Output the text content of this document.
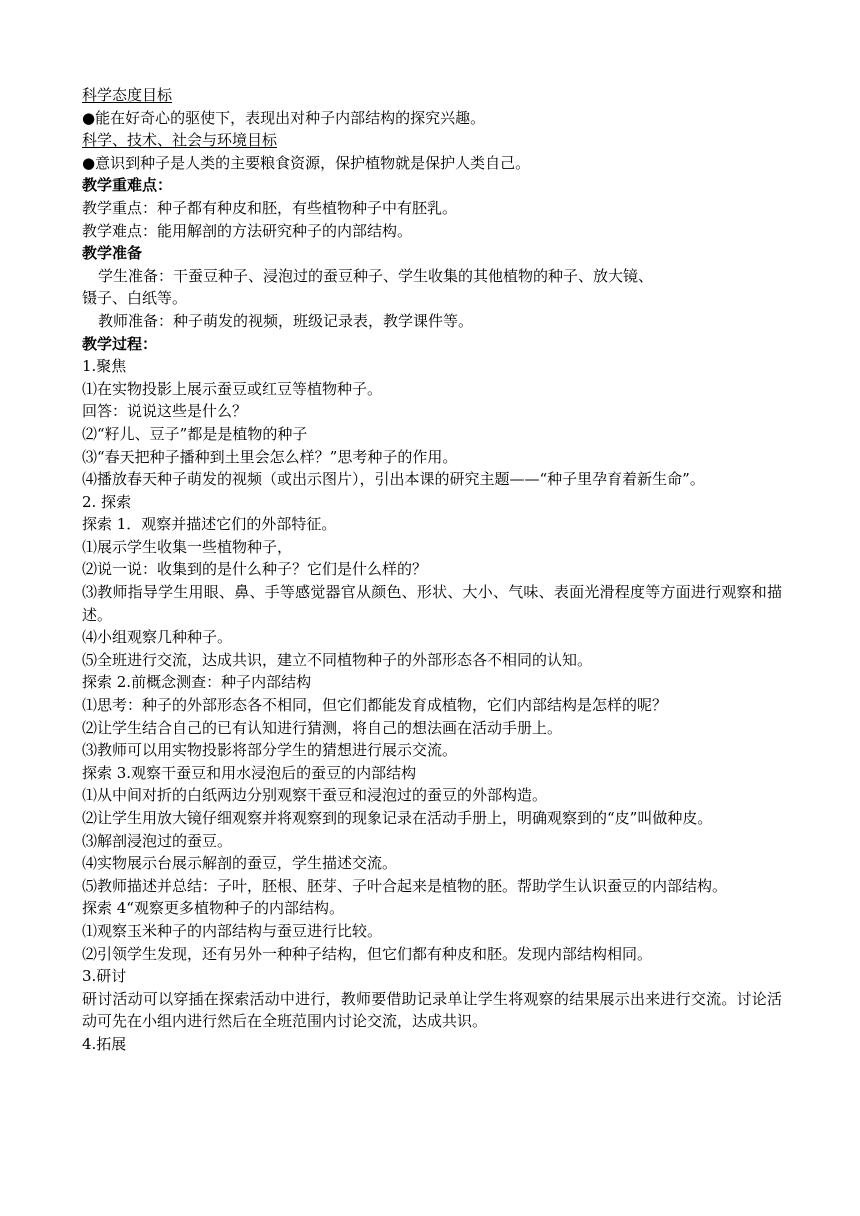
科学态度目标
●能在好奇心的驱使下，表现出对种子内部结构的探究兴趣。
科学、技术、社会与环境目标
●意识到种子是人类的主要粮食资源，保护植物就是保护人类自己。
教学重难点：
教学重点：种子都有种皮和胚，有些植物种子中有胚乳。
教学难点：能用解剖的方法研究种子的内部结构。
教学准备
学生准备：干蚕豆种子、浸泡过的蚕豆种子、学生收集的其他植物的种子、放大镜、
镊子、白纸等。
教师准备：种子萌发的视频，班级记录表，教学课件等。
教学过程：
1.聚焦
⑴在实物投影上展示蚕豆或红豆等植物种子。
回答：说说这些是什么？
⑵“籽儿、豆子”都是是植物的种子
⑶“春天把种子播种到土里会怎么样？”思考种子的作用。
⑷播放春天种子萌发的视频（或出示图片），引出本课的研究主题——“种子里孕育着新生命”。
2. 探索
探索 1．观察并描述它们的外部特征。
⑴展示学生收集一些植物种子，
⑵说一说：收集到的是什么种子？它们是什么样的？
⑶教师指导学生用眼、鼻、手等感觉器官从颜色、形状、大小、气味、表面光滑程度等方面进行观察和描述。
⑷小组观察几种种子。
⑸全班进行交流，达成共识，建立不同植物种子的外部形态各不相同的认知。
探索 2.前概念测查：种子内部结构
⑴思考：种子的外部形态各不相同，但它们都能发育成植物，它们内部结构是怎样的呢？
⑵让学生结合自己的已有认知进行猜测，将自己的想法画在活动手册上。
⑶教师可以用实物投影将部分学生的猜想进行展示交流。
探索 3.观察干蚕豆和用水浸泡后的蚕豆的内部结构
⑴从中间对折的白纸两边分别观察干蚕豆和浸泡过的蚕豆的外部构造。
⑵让学生用放大镜仔细观察并将观察到的现象记录在活动手册上，明确观察到的“皮”叫做种皮。
⑶解剖浸泡过的蚕豆。
⑷实物展示台展示解剖的蚕豆，学生描述交流。
⑸教师描述并总结：子叶，胚根、胚芽、子叶合起来是植物的胚。帮助学生认识蚕豆的内部结构。
探索 4“观察更多植物种子的内部结构。
⑴观察玉米种子的内部结构与蚕豆进行比较。
⑵引领学生发现，还有另外一种种子结构，但它们都有种皮和胚。发现内部结构相同。
3.研讨
研讨活动可以穿插在探索活动中进行，教师要借助记录单让学生将观察的结果展示出来进行交流。讨论活动可先在小组内进行然后在全班范围内讨论交流，达成共识。
4.拓展
